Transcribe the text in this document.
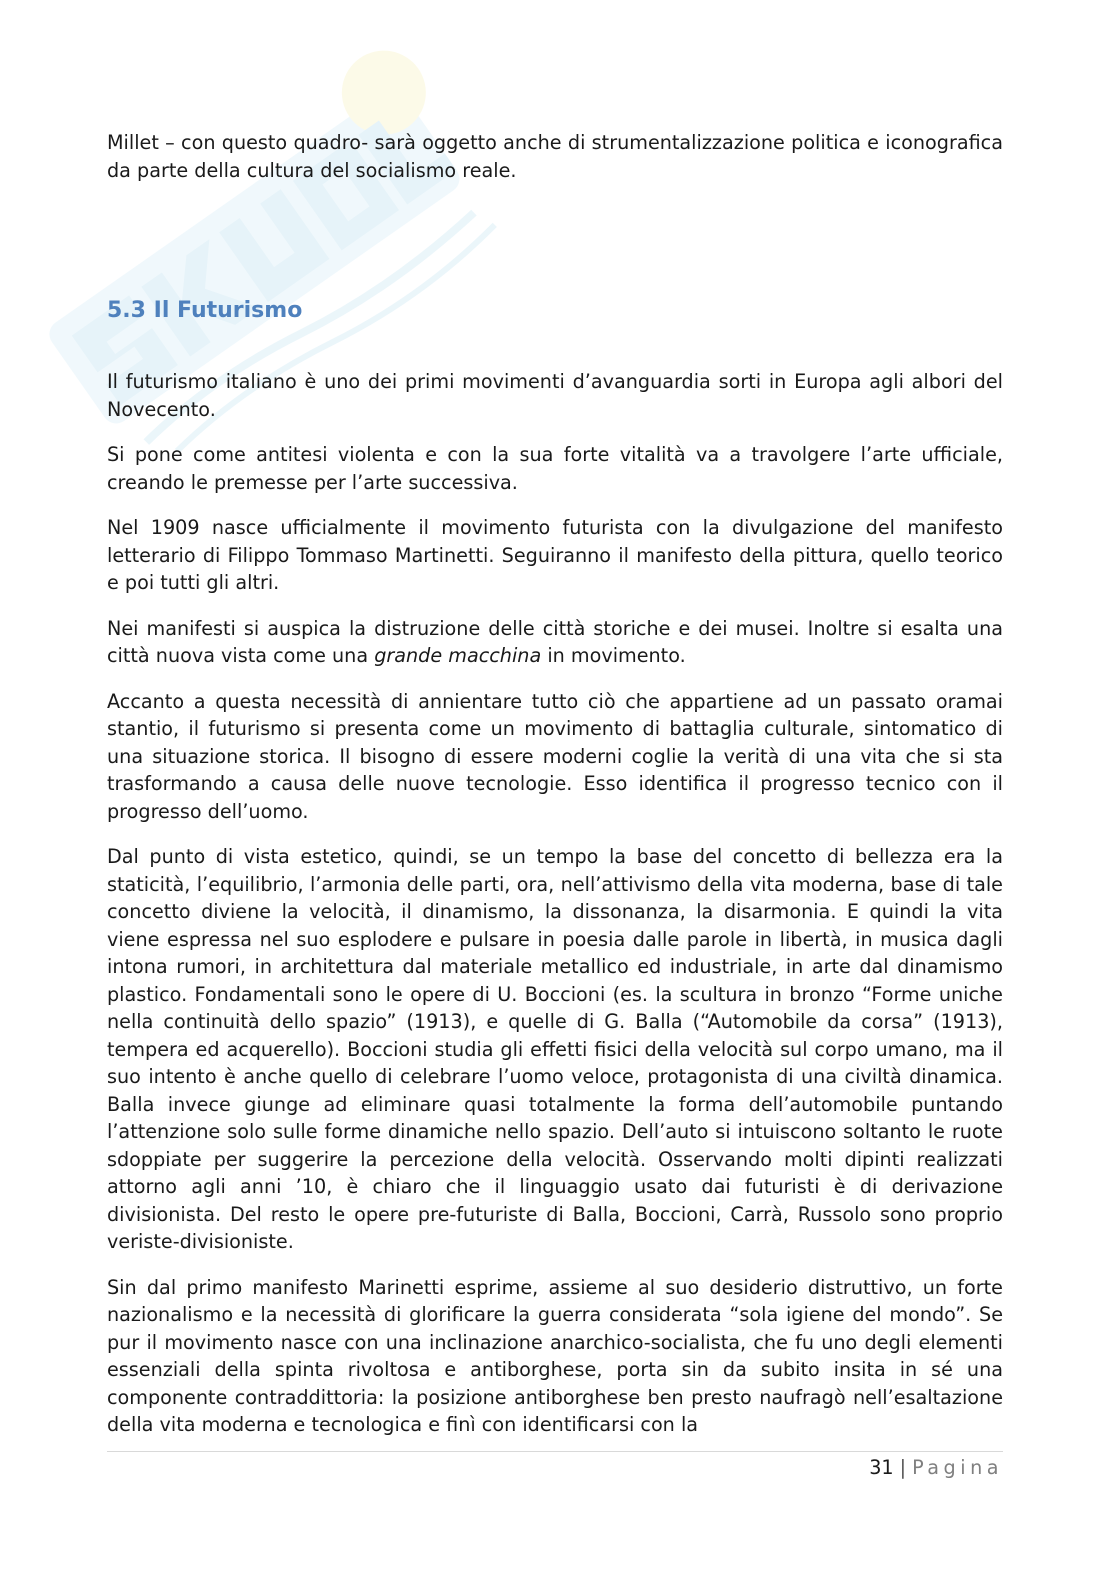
Millet – con questo quadro- sarà oggetto anche di strumentalizzazione politica e iconografica da parte della cultura del socialismo reale.

5.3 Il Futurismo

Il futurismo italiano è uno dei primi movimenti d’avanguardia sorti in Europa agli albori del Novecento.

Si pone come antitesi violenta e con la sua forte vitalità va a travolgere l’arte ufficiale, creando le premesse per l’arte successiva.

Nel 1909 nasce ufficialmente il movimento futurista con la divulgazione del manifesto letterario di Filippo Tommaso Martinetti. Seguiranno il manifesto della pittura, quello teorico e poi tutti gli altri.

Nei manifesti si auspica la distruzione delle città storiche e dei musei. Inoltre si esalta una città nuova vista come una grande macchina in movimento.

Accanto a questa necessità di annientare tutto ciò che appartiene ad un passato oramai stantio, il futurismo si presenta come un movimento di battaglia culturale, sintomatico di una situazione storica. Il bisogno di essere moderni coglie la verità di una vita che si sta trasformando a causa delle nuove tecnologie. Esso identifica il progresso tecnico con il progresso dell’uomo.

Dal punto di vista estetico, quindi, se un tempo la base del concetto di bellezza era la staticità, l’equilibrio, l’armonia delle parti, ora, nell’attivismo della vita moderna, base di tale concetto diviene la velocità, il dinamismo, la dissonanza, la disarmonia. E quindi la vita viene espressa nel suo esplodere e pulsare in poesia dalle parole in libertà, in musica dagli intona rumori, in architettura dal materiale metallico ed industriale, in arte dal dinamismo plastico. Fondamentali sono le opere di U. Boccioni (es. la scultura in bronzo “Forme uniche nella continuità dello spazio” (1913), e quelle di G. Balla (“Automobile da corsa” (1913), tempera ed acquerello). Boccioni studia gli effetti fisici della velocità sul corpo umano, ma il suo intento è anche quello di celebrare l’uomo veloce, protagonista di una civiltà dinamica. Balla invece giunge ad eliminare quasi totalmente la forma dell’automobile puntando l’attenzione solo sulle forme dinamiche nello spazio. Dell’auto si intuiscono soltanto le ruote sdoppiate per suggerire la percezione della velocità. Osservando molti dipinti realizzati attorno agli anni ’10, è chiaro che il linguaggio usato dai futuristi è di derivazione divisionista. Del resto le opere pre-futuriste di Balla, Boccioni, Carrà, Russolo sono proprio veriste-divisioniste.

Sin dal primo manifesto Marinetti esprime, assieme al suo desiderio distruttivo, un forte nazionalismo e la necessità di glorificare la guerra considerata “sola igiene del mondo”. Se pur il movimento nasce con una inclinazione anarchico-socialista, che fu uno degli elementi essenziali della spinta rivoltosa e antiborghese, porta sin da subito insita in sé una componente contraddittoria: la posizione antiborghese ben presto naufragò nell’esaltazione della vita moderna e tecnologica e finì con identificarsi con la

31 | Pagina
